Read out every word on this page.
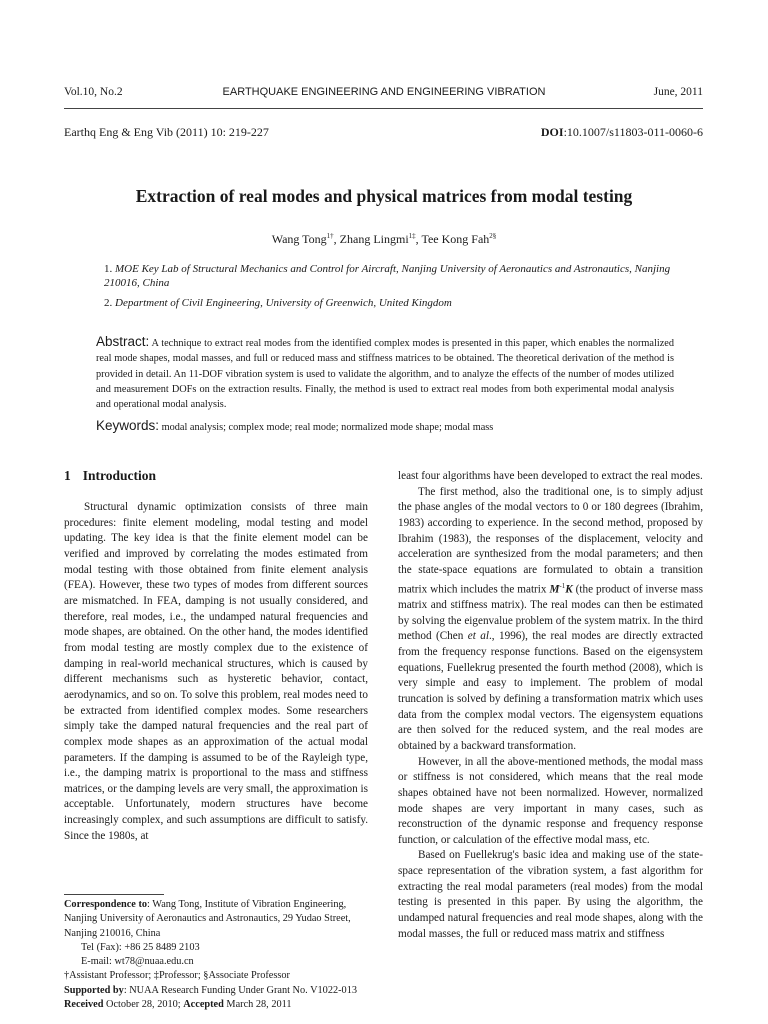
Vol.10, No.2	EARTHQUAKE ENGINEERING AND ENGINEERING VIBRATION	June, 2011
Earthq Eng & Eng Vib (2011) 10: 219-227	DOI:10.1007/s11803-011-0060-6
Extraction of real modes and physical matrices from modal testing
Wang Tong$^{1\dagger}$, Zhang Lingmi$^{1\ddagger}$, Tee Kong Fah$^{2\S}$
1. MOE Key Lab of Structural Mechanics and Control for Aircraft, Nanjing University of Aeronautics and Astronautics, Nanjing 210016, China
2. Department of Civil Engineering, University of Greenwich, United Kingdom
Abstract: A technique to extract real modes from the identified complex modes is presented in this paper, which enables the normalized real mode shapes, modal masses, and full or reduced mass and stiffness matrices to be obtained. The theoretical derivation of the method is provided in detail. An 11-DOF vibration system is used to validate the algorithm, and to analyze the effects of the number of modes utilized and measurement DOFs on the extraction results. Finally, the method is used to extract real modes from both experimental modal analysis and operational modal analysis.
Keywords: modal analysis; complex mode; real mode; normalized mode shape; modal mass
1 Introduction

Structural dynamic optimization consists of three main procedures: finite element modeling, modal testing and model updating. The key idea is that the finite element model can be verified and improved by correlating the modes estimated from modal testing with those obtained from finite element analysis (FEA). However, these two types of modes from different sources are mismatched. In FEA, damping is not usually considered, and therefore, real modes, i.e., the undamped natural frequencies and mode shapes, are obtained. On the other hand, the modes identified from modal testing are mostly complex due to the existence of damping in real-world mechanical structures, which is caused by different mechanisms such as hysteretic behavior, contact, aerodynamics, and so on. To solve this problem, real modes need to be extracted from identified complex modes. Some researchers simply take the damped natural frequencies and the real part of complex mode shapes as an approximation of the actual modal parameters. If the damping is assumed to be of the Rayleigh type, i.e., the damping matrix is proportional to the mass and stiffness matrices, or the damping levels are very small, the approximation is acceptable. Unfortunately, modern structures have become increasingly complex, and such assumptions are difficult to satisfy. Since the 1980s, at

least four algorithms have been developed to extract the real modes.

The first method, also the traditional one, is to simply adjust the phase angles of the modal vectors to 0 or 180 degrees (Ibrahim, 1983) according to experience. In the second method, proposed by Ibrahim (1983), the responses of the displacement, velocity and acceleration are synthesized from the modal parameters; and then the state-space equations are formulated to obtain a transition matrix which includes the matrix $M^{-1}K$ (the product of inverse mass matrix and stiffness matrix). The real modes can then be estimated by solving the eigenvalue problem of the system matrix. In the third method (Chen et al., 1996), the real modes are directly extracted from the frequency response functions. Based on the eigensystem equations, Fuellekrug presented the fourth method (2008), which is very simple and easy to implement. The problem of modal truncation is solved by defining a transformation matrix which uses data from the complex modal vectors. The eigensystem equations are then solved for the reduced system, and the real modes are obtained by a backward transformation.

However, in all the above-mentioned methods, the modal mass or stiffness is not considered, which means that the real mode shapes obtained have not been normalized. However, normalized mode shapes are very important in many cases, such as reconstruction of the dynamic response and frequency response function, or calculation of the effective modal mass, etc.

Based on Fuellekrug's basic idea and making use of the state-space representation of the vibration system, a fast algorithm for extracting the real modal parameters (real modes) from the modal testing is presented in this paper. By using the algorithm, the undamped natural frequencies and real mode shapes, along with the modal masses, the full or reduced mass matrix and stiffness

Correspondence to: Wang Tong, Institute of Vibration Engineering, Nanjing University of Aeronautics and Astronautics, 29 Yudao Street, Nanjing 210016, China
Tel (Fax): +86 25 8489 2103
E-mail: wt78@nuaa.edu.cn
†Assistant Professor; ‡Professor; §Associate Professor
Supported by: NUAA Research Funding Under Grant No. V1022-013
Received October 28, 2010; Accepted March 28, 2011
